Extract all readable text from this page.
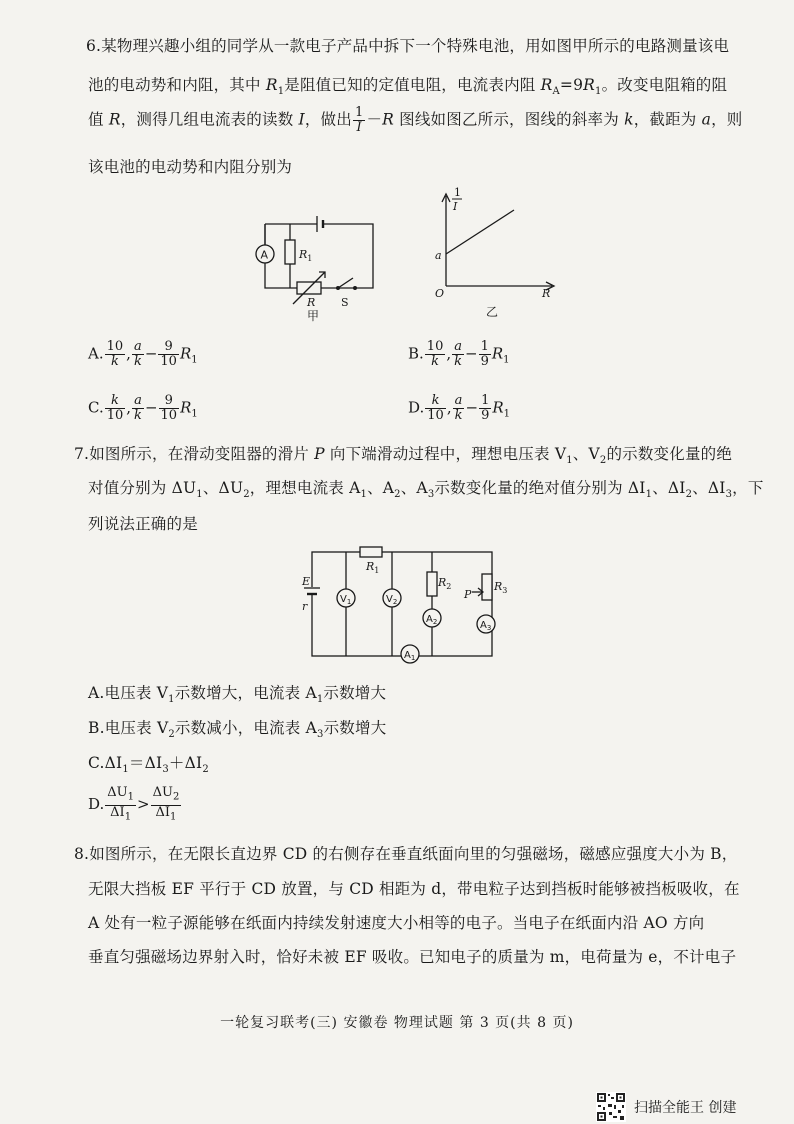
6.某物理兴趣小组的同学从一款电子产品中拆下一个特殊电池，用如图甲所示的电路测量该电
池的电动势和内阻，其中 $R_1$是阻值已知的定值电阻，电流表内阻 $R_A=9R_1$。改变电阻箱的阻
值 R，测得几组电流表的读数 I，做出 $\frac{1}{I} -R$ 图线如图乙所示，图线的斜率为 k，截距为 a，则
该电池的电动势和内阻分别为
A	$R_1$
R S
甲
1
I
a
O	R
乙
A. $\frac{10}{k}$ , $\frac{a}{k} - \frac{9}{10} R_1$	B. $\frac{10}{k}$ , $\frac{a}{k} - \frac{1}{9} R_1$
C. $\frac{k}{10}$ , $\frac{a}{k} - \frac{9}{10} R_1$	D. $\frac{k}{10}$ , $\frac{a}{k} - \frac{1}{9} R_1$
7.如图所示，在滑动变阻器的滑片 P 向下端滑动过程中，理想电压表 $V_1$、$V_2$的示数变化量的绝
对值分别为 $\Delta U_1$、$\Delta U_2$，理想电流表 $A_1$、$A_2$、$A_3$示数变化量的绝对值分别为 $\Delta I_1$、$\Delta I_2$、$\Delta I_3$，下
列说法正确的是
E
r
$R_1$
$R_2$	$R_3$
P
$V_1$	$V_2$
$A_2$	$A_3$
$A_1$
A.电压表 $V_1$示数增大，电流表 $A_1$示数增大
B.电压表 $V_2$示数减小，电流表 $A_3$示数增大
$C.\Delta I_1=\Delta I_3+\Delta I_2$
D. $\frac{\Delta U_1}{\Delta I_1} > \frac{\Delta U_2}{\Delta I_1}$
8.如图所示，在无限长直边界 CD 的右侧存在垂直纸面向里的匀强磁场，磁感应强度大小为 B，
无限大挡板 EF 平行于 CD 放置，与 CD 相距为 d，带电粒子达到挡板时能够被挡板吸收，在
A 处有一粒子源能够在纸面内持续发射速度大小相等的电子。当电子在纸面内沿 AO 方向
垂直匀强磁场边界射入时，恰好未被 EF 吸收。已知电子的质量为 m，电荷量为 e，不计电子
一轮复习联考(三) 安徽卷 物理试题 第 3 页(共 8 页)
扫描全能王 创建
